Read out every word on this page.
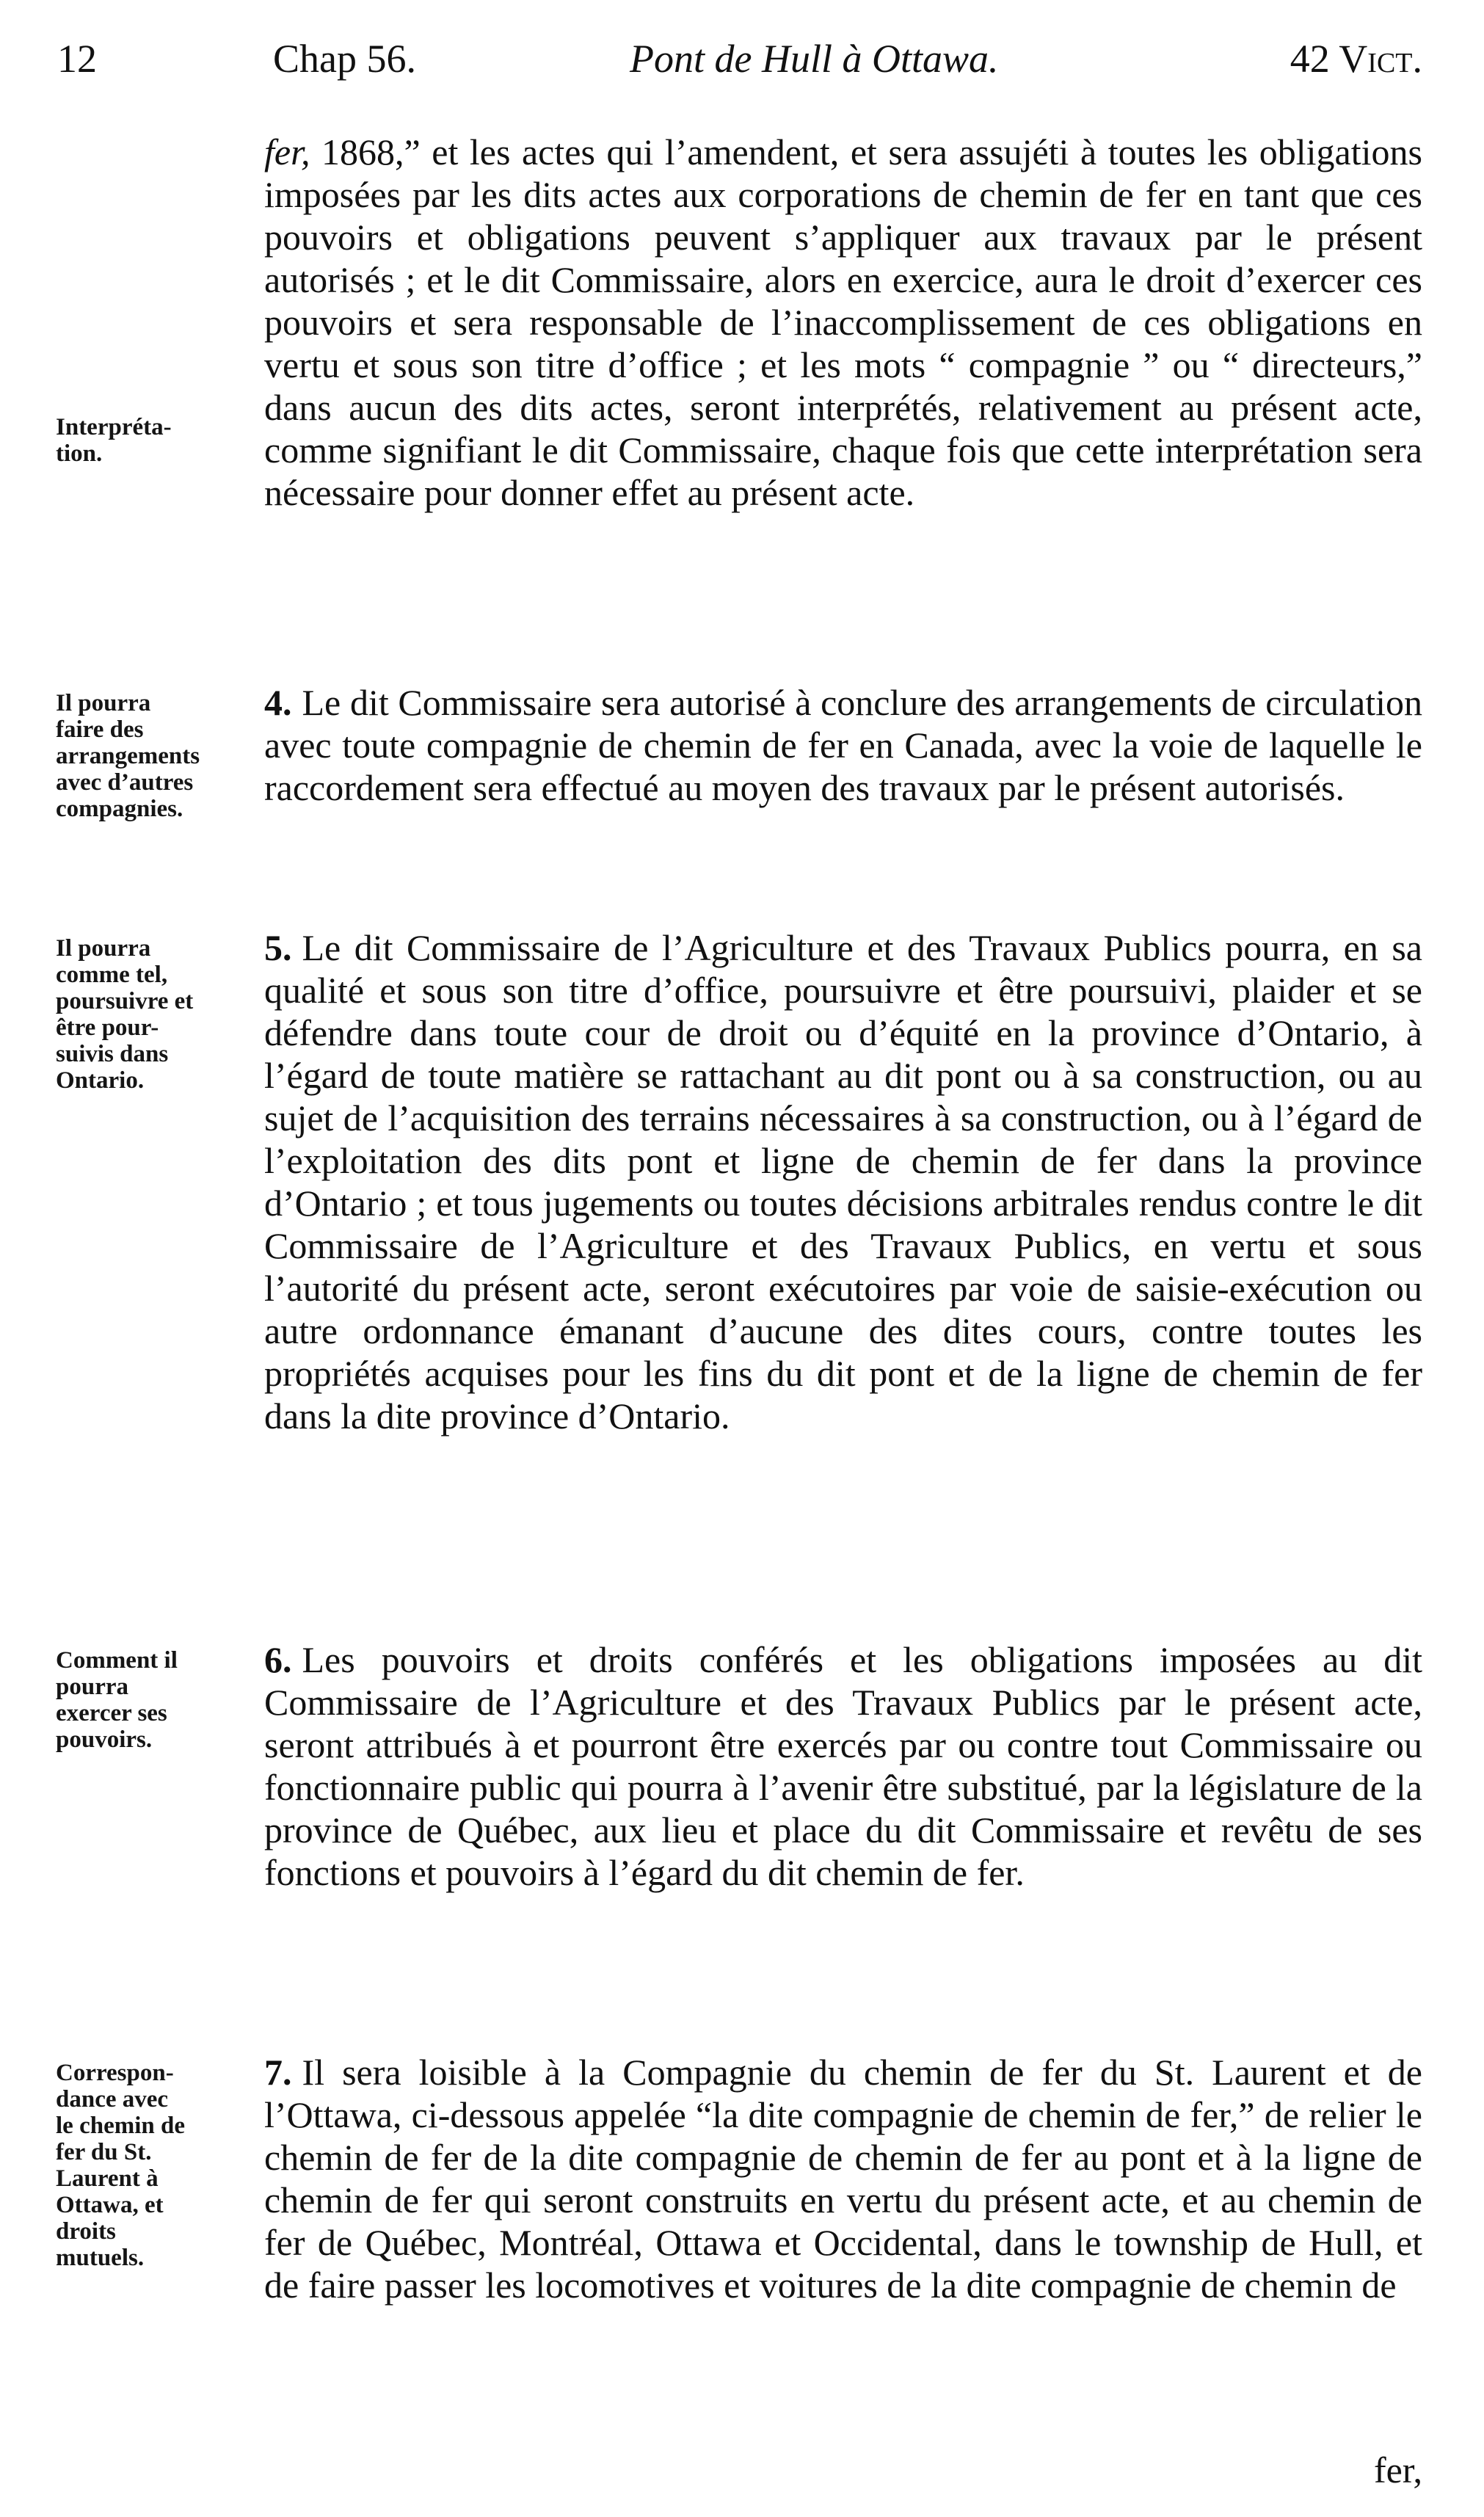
12	Chap 56.	Pont de Hull à Ottawa.	42 Vict.
Interpréta-
tion.

fer, 1868,” et les actes qui l’amendent, et sera assujéti à toutes les obligations imposées par les dits actes aux corporations de chemin de fer en tant que ces pouvoirs et obligations peuvent s’appliquer aux travaux par le présent autorisés ; et le dit Commissaire, alors en exercice, aura le droit d’exercer ces pouvoirs et sera responsable de l’inaccomplissement de ces obligations en vertu et sous son titre d’office ; et les mots “ compagnie ” ou “ directeurs,” dans aucun des dits actes, seront interprétés, relativement au présent acte, comme signifiant le dit Commissaire, chaque fois que cette interprétation sera nécessaire pour donner effet au présent acte.

Il pourra
faire des
arrangements
avec d’autres
compagnies.

4. Le dit Commissaire sera autorisé à conclure des arrangements de circulation avec toute compagnie de chemin de fer en Canada, avec la voie de laquelle le raccordement sera effectué au moyen des travaux par le présent autorisés.

Il pourra
comme tel,
poursuivre et
être pour-
suivis dans
Ontario.

5. Le dit Commissaire de l’Agriculture et des Travaux Publics pourra, en sa qualité et sous son titre d’office, poursuivre et être poursuivi, plaider et se défendre dans toute cour de droit ou d’équité en la province d’Ontario, à l’égard de toute matière se rattachant au dit pont ou à sa construction, ou au sujet de l’acquisition des terrains nécessaires à sa construction, ou à l’égard de l’exploitation des dits pont et ligne de chemin de fer dans la province d’Ontario ; et tous jugements ou toutes décisions arbitrales rendus contre le dit Commissaire de l’Agriculture et des Travaux Publics, en vertu et sous l’autorité du présent acte, seront exécutoires par voie de saisie-exécution ou autre ordonnance émanant d’aucune des dites cours, contre toutes les propriétés acquises pour les fins du dit pont et de la ligne de chemin de fer dans la dite province d’Ontario.

Comment il
pourra
exercer ses
pouvoirs.

6. Les pouvoirs et droits conférés et les obligations imposées au dit Commissaire de l’Agriculture et des Travaux Publics par le présent acte, seront attribués à et pourront être exercés par ou contre tout Commissaire ou fonctionnaire public qui pourra à l’avenir être substitué, par la législature de la province de Québec, aux lieu et place du dit Commissaire et revêtu de ses fonctions et pouvoirs à l’égard du dit chemin de fer.

Correspon-
dance avec
le chemin de
fer du St.
Laurent à
Ottawa, et
droits
mutuels.

7. Il sera loisible à la Compagnie du chemin de fer du St. Laurent et de l’Ottawa, ci-dessous appelée “la dite compagnie de chemin de fer,” de relier le chemin de fer de la dite compagnie de chemin de fer au pont et à la ligne de chemin de fer qui seront construits en vertu du présent acte, et au chemin de fer de Québec, Montréal, Ottawa et Occidental, dans le township de Hull, et de faire passer les locomotives et voitures de la dite compagnie de chemin de

fer,
